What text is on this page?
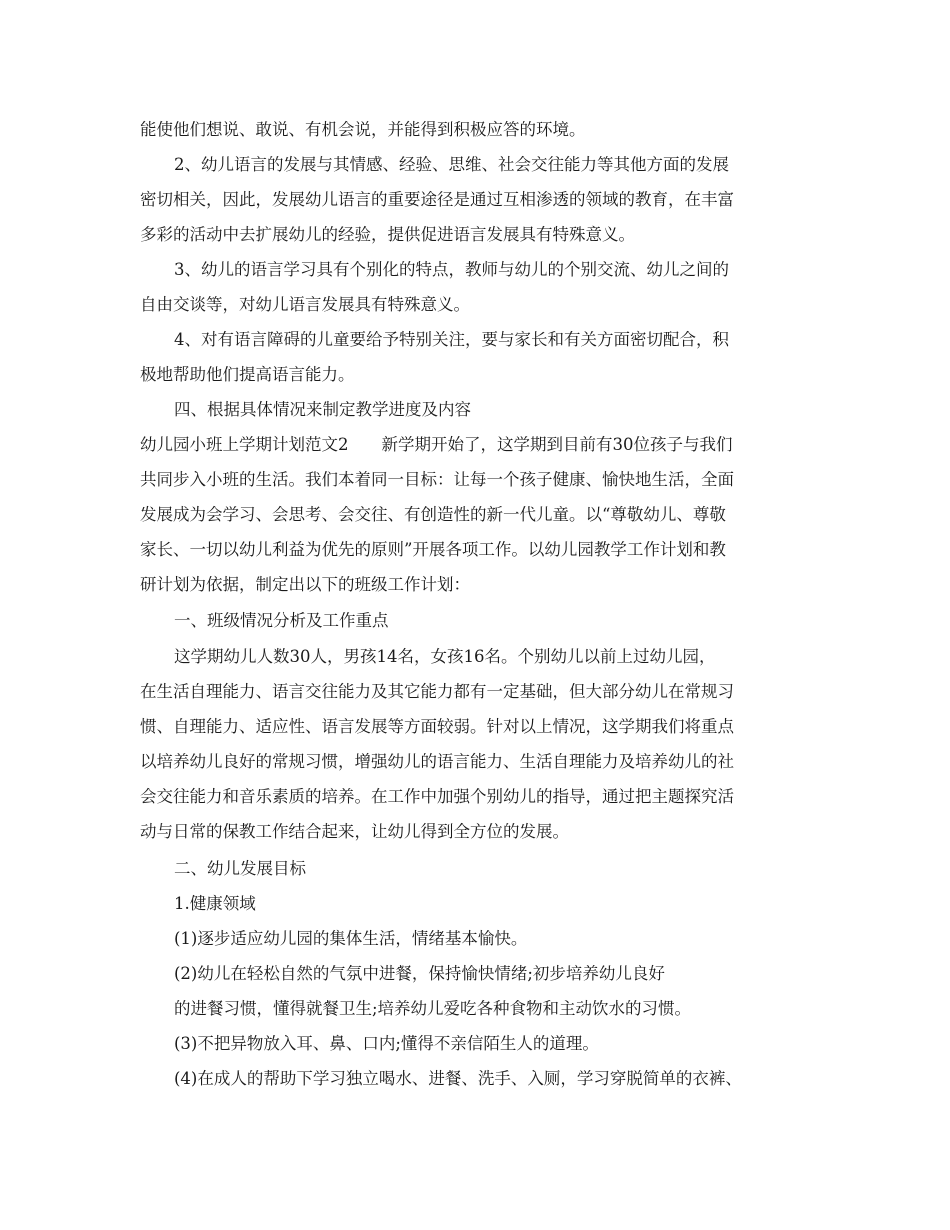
能使他们想说、敢说、有机会说，并能得到积极应答的环境。
2、幼儿语言的发展与其情感、经验、思维、社会交往能力等其他方面的发展
密切相关，因此，发展幼儿语言的重要途径是通过互相渗透的领域的教育，在丰富
多彩的活动中去扩展幼儿的经验，提供促进语言发展具有特殊意义。
3、幼儿的语言学习具有个别化的特点，教师与幼儿的个别交流、幼儿之间的
自由交谈等，对幼儿语言发展具有特殊意义。
4、对有语言障碍的儿童要给予特别关注，要与家长和有关方面密切配合，积
极地帮助他们提高语言能力。
四、根据具体情况来制定教学进度及内容
幼儿园小班上学期计划范文2　　新学期开始了，这学期到目前有30位孩子与我们
共同步入小班的生活。我们本着同一目标：让每一个孩子健康、愉快地生活，全面
发展成为会学习、会思考、会交往、有创造性的新一代儿童。以“尊敬幼儿、尊敬
家长、一切以幼儿利益为优先的原则”开展各项工作。以幼儿园教学工作计划和教
研计划为依据，制定出以下的班级工作计划：
一、班级情况分析及工作重点
这学期幼儿人数30人，男孩14名，女孩16名。个别幼儿以前上过幼儿园，
在生活自理能力、语言交往能力及其它能力都有一定基础，但大部分幼儿在常规习
惯、自理能力、适应性、语言发展等方面较弱。针对以上情况，这学期我们将重点
以培养幼儿良好的常规习惯，增强幼儿的语言能力、生活自理能力及培养幼儿的社
会交往能力和音乐素质的培养。在工作中加强个别幼儿的指导，通过把主题探究活
动与日常的保教工作结合起来，让幼儿得到全方位的发展。
二、幼儿发展目标
1.健康领域
(1)逐步适应幼儿园的集体生活，情绪基本愉快。
(2)幼儿在轻松自然的气氛中进餐，保持愉快情绪;初步培养幼儿良好
的进餐习惯，懂得就餐卫生;培养幼儿爱吃各种食物和主动饮水的习惯。
(3)不把异物放入耳、鼻、口内;懂得不亲信陌生人的道理。
(4)在成人的帮助下学习独立喝水、进餐、洗手、入厕，学习穿脱简单的衣裤、
